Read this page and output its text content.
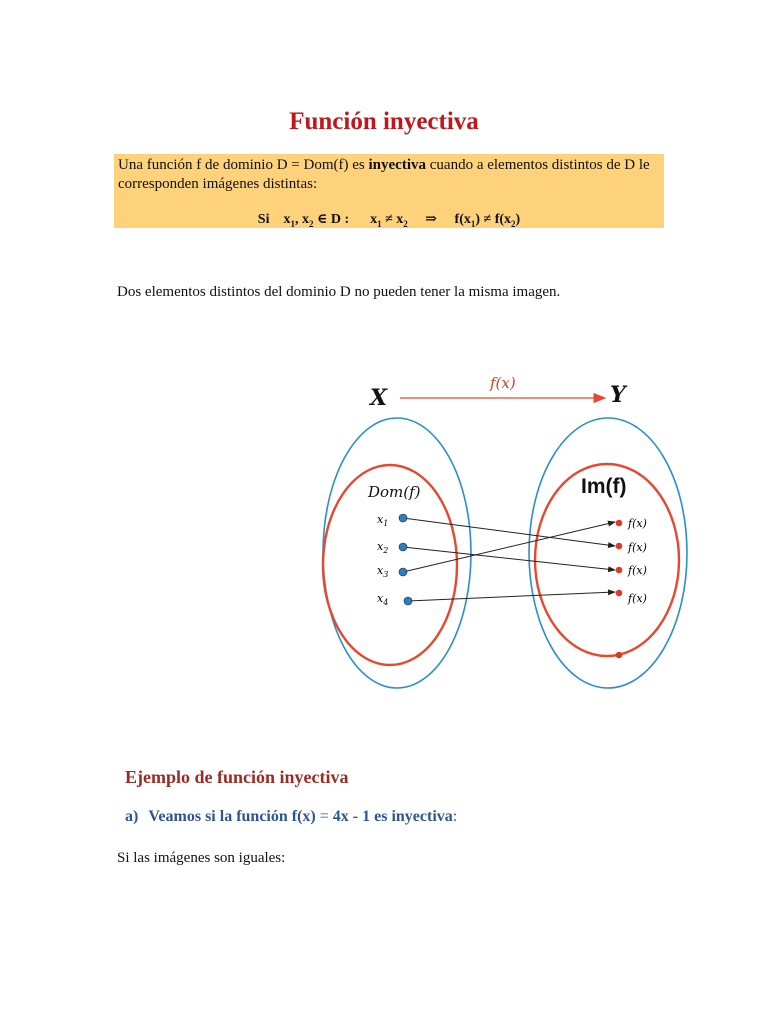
Función inyectiva
Una función f de dominio D = Dom(f) es inyectiva cuando a elementos distintos de D le corresponden imágenes distintas:
Si $x_1$, $x_2$ ∈ D : $x_1 \ne x_2$ ⇒ $f(x_1) \ne f(x_2)$
Dos elementos distintos del dominio D no pueden tener la misma imagen.
X	Y
f(x)
Dom(f)	Im(f)
$x_1$
$x_2$
$x_3$
$x_4$
f(x)
f(x)
f(x)
f(x)
Ejemplo de función inyectiva
a) Veamos si la función f(x) = 4x - 1 es inyectiva:
Si las imágenes son iguales:
